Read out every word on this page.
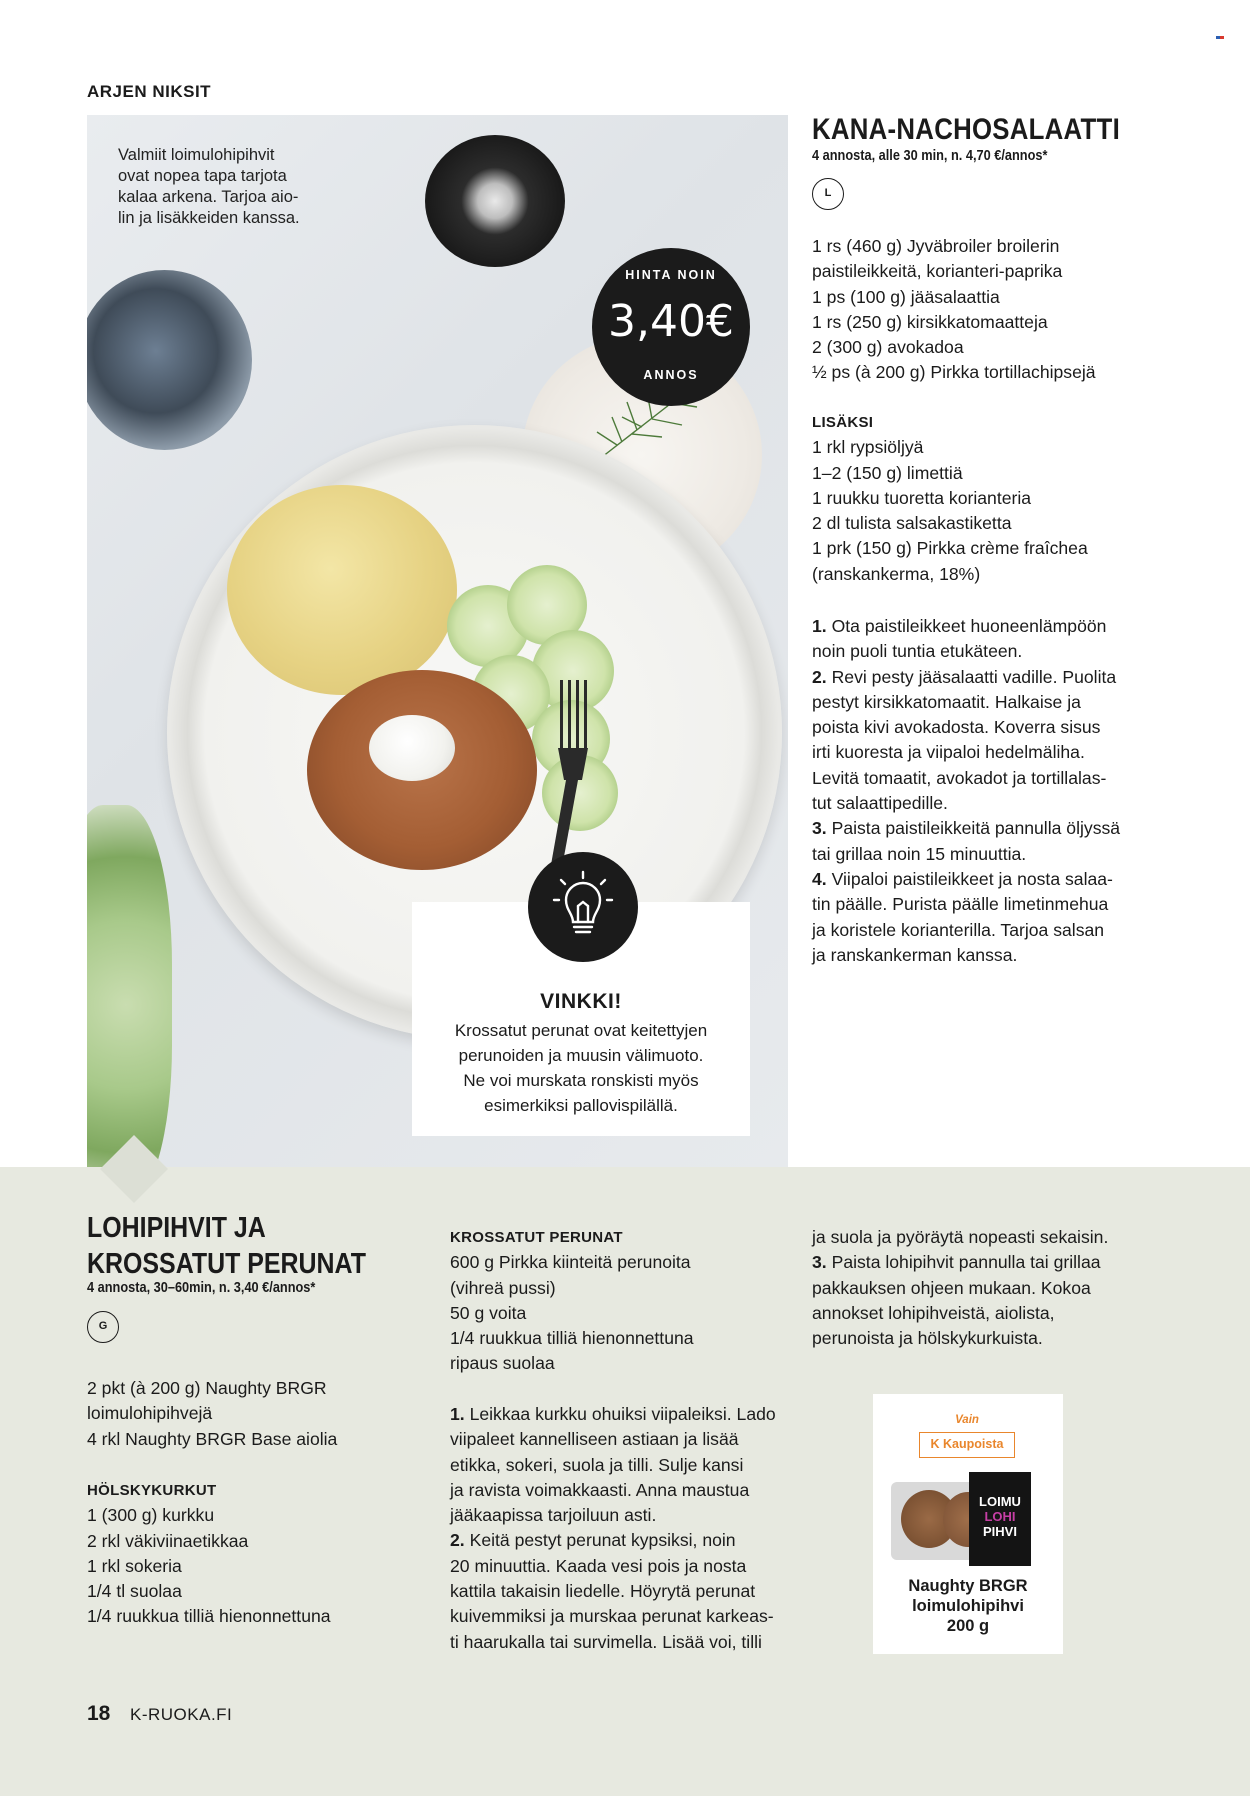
ARJEN NIKSIT
Valmiit loimulohipihvit
ovat nopea tapa tarjota
kalaa arkena. Tarjoa aio-
lin ja lisäkkeiden kanssa.
HINTA NOIN
3,40€
ANNOS
VINKKI!
Krossatut perunat ovat keitettyjen
perunoiden ja muusin välimuoto.
Ne voi murskata ronskisti myös
esimerkiksi pallovispilällä.
KANA-NACHOSALAATTI
4 annosta, alle 30 min, n. 4,70 €/annos*
L
1 rs (460 g) Jyväbroiler broilerin
paistileikkeitä, korianteri-paprika
1 ps (100 g) jääsalaattia
1 rs (250 g) kirsikkatomaatteja
2 (300 g) avokadoa
½ ps (à 200 g) Pirkka tortillachipsejä
LISÄKSI
1 rkl rypsiöljyä
1–2 (150 g) limettiä
1 ruukku tuoretta korianteria
2 dl tulista salsakastiketta
1 prk (150 g) Pirkka crème fraîchea
(ranskankerma, 18%)
1. Ota paistileikkeet huoneenlämpöön
noin puoli tuntia etukäteen.
2. Revi pesty jääsalaatti vadille. Puolita
pestyt kirsikkatomaatit. Halkaise ja
poista kivi avokadosta. Koverra sisus
irti kuoresta ja viipaloi hedelmäliha.
Levitä tomaatit, avokadot ja tortillalas-
tut salaattipedille.
3. Paista paistileikkeitä pannulla öljyssä
tai grillaa noin 15 minuuttia.
4. Viipaloi paistileikkeet ja nosta salaa-
tin päälle. Purista päälle limetinmehua
ja koristele korianterilla. Tarjoa salsan
ja ranskankerman kanssa.
LOHIPIHVIT JA
KROSSATUT PERUNAT
4 annosta, 30–60min, n. 3,40 €/annos*
G
2 pkt (à 200 g) Naughty BRGR
loimulohipihvejä
4 rkl Naughty BRGR Base aiolia
HÖLSKYKURKUT
1 (300 g) kurkku
2 rkl väkiviinaetikkaa
1 rkl sokeria
1/4 tl suolaa
1/4 ruukkua tilliä hienonnettuna
KROSSATUT PERUNAT
600 g Pirkka kiinteitä perunoita
(vihreä pussi)
50 g voita
1/4 ruukkua tilliä hienonnettuna
ripaus suolaa
1. Leikkaa kurkku ohuiksi viipaleiksi. Lado
viipaleet kannelliseen astiaan ja lisää
etikka, sokeri, suola ja tilli. Sulje kansi
ja ravista voimakkaasti. Anna maustua
jääkaapissa tarjoiluun asti.
2. Keitä pestyt perunat kypsiksi, noin
20 minuuttia. Kaada vesi pois ja nosta
kattila takaisin liedelle. Höyrytä perunat
kuivemmiksi ja murskaa perunat karkeas-
ti haarukalla tai survimella. Lisää voi, tilli
ja suola ja pyöräytä nopeasti sekaisin.
3. Paista lohipihvit pannulla tai grillaa
pakkauksen ohjeen mukaan. Kokoa
annokset lohipihveistä, aiolista,
perunoista ja hölskykurkuista.
Vain
K Kaupoista
LOIMU
LOHI
PIHVI
Naughty BRGR
loimulohipihvi
200 g
18 K-RUOKA.FI
